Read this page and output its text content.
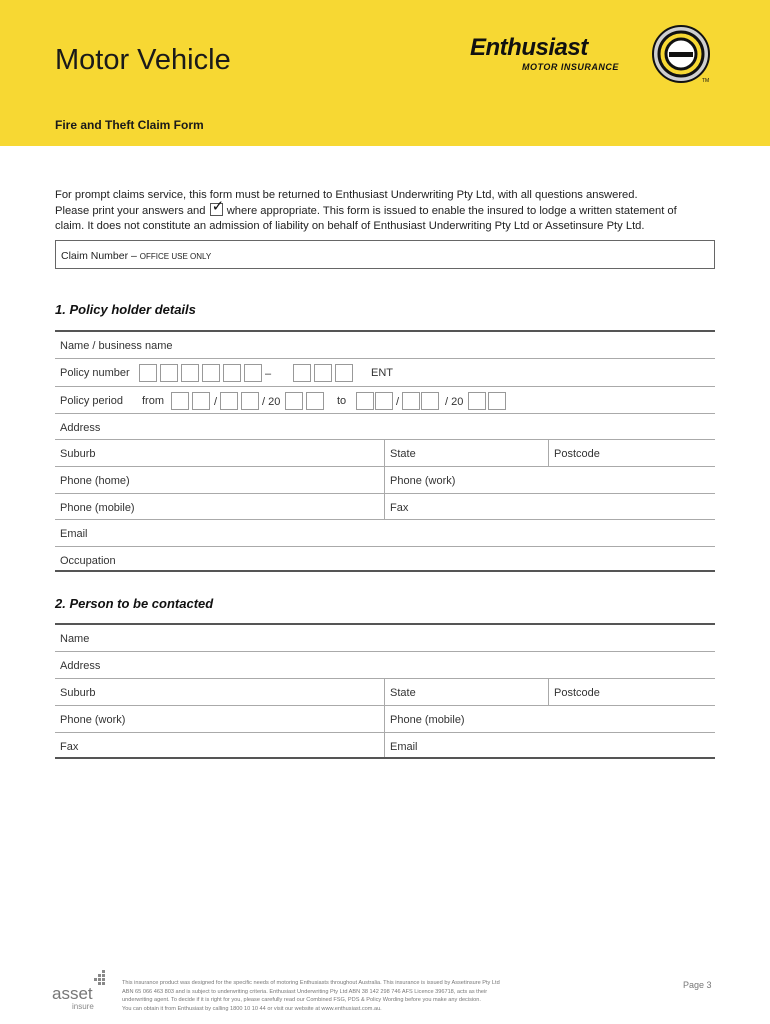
Motor Vehicle
Fire and Theft Claim Form
Enthusiast
MOTOR INSURANCE
TM
For prompt claims service, this form must be returned to Enthusiast Underwriting Pty Ltd, with all questions answered.
Please print your answers and ✓ where appropriate. This form is issued to enable the insured to lodge a written statement of
claim. It does not constitute an admission of liability on behalf of Enthusiast Underwriting Pty Ltd or Assetinsure Pty Ltd.
Claim Number – OFFICE USE ONLY
1. Policy holder details
Name / business name
Policy number	–	ENT
Policy period from	/	/ 20	to	/	/ 20
Address
Suburb	State	Postcode
Phone (home)	Phone (work)
Phone (mobile)	Fax
Email
Occupation
2. Person to be contacted
Name
Address
Suburb	State	Postcode
Phone (work)	Phone (mobile)
Fax	Email
asset
insure
This insurance product was designed for the specific needs of motoring Enthusiasts throughout Australia. This insurance is issued by Assetinsure Pty Ltd
ABN 65 066 463 803 and is subject to underwriting criteria. Enthusiast Underwriting Pty Ltd ABN 38 142 298 746 AFS Licence 396718, acts as their
underwriting agent. To decide if it is right for you, please carefully read our Combined FSG, PDS & Policy Wording before you make any decision.
You can obtain it from Enthusiast by calling 1800 10 10 44 or visit our website at www.enthusiast.com.au.
Page 3
